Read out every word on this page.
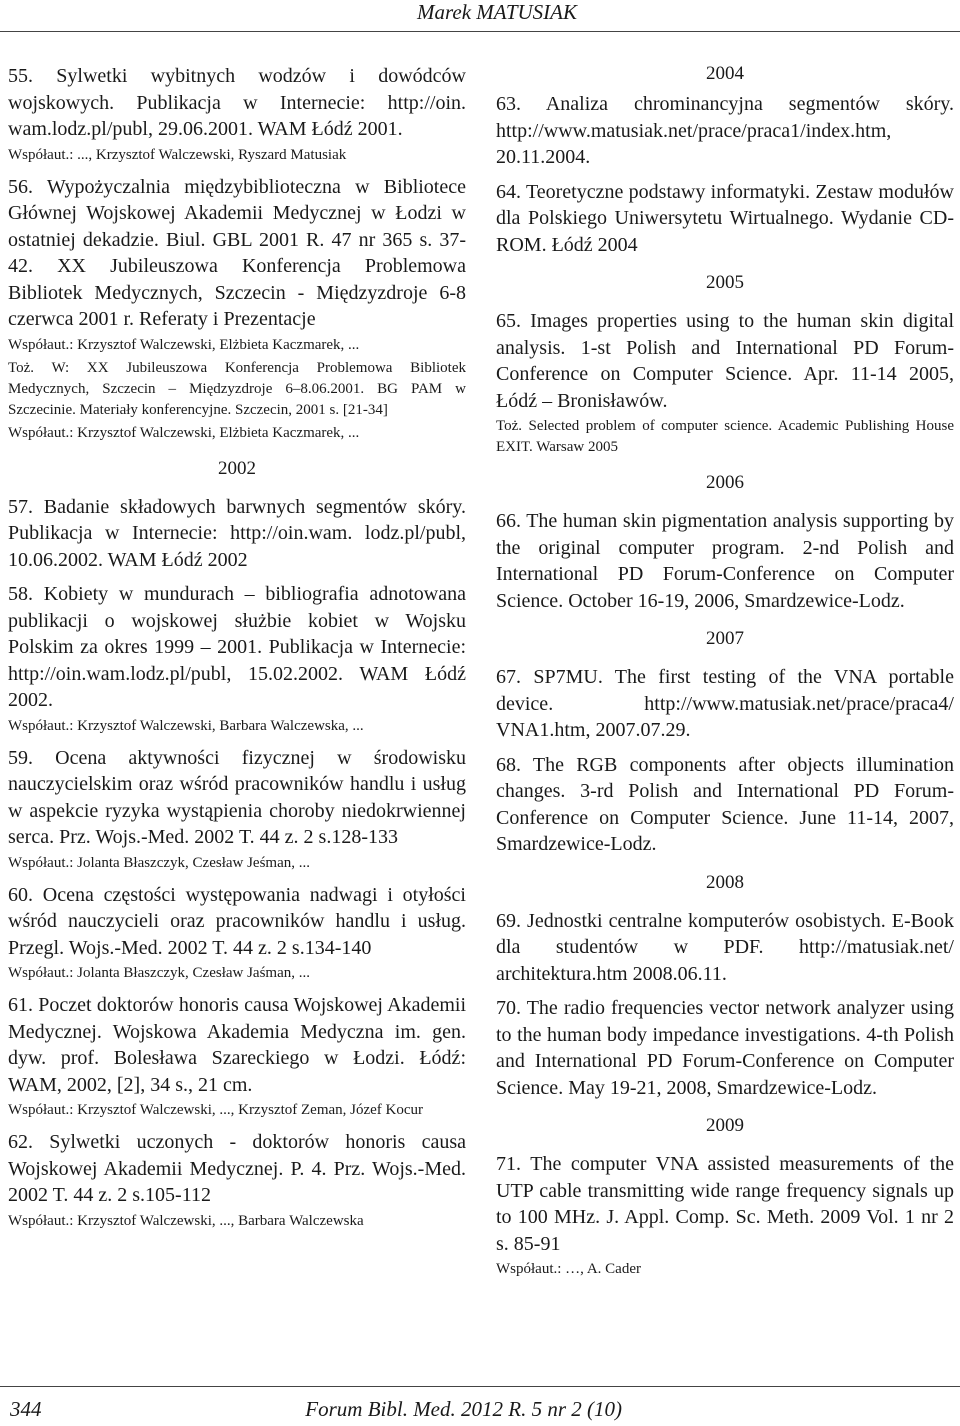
Marek MATUSIAK
55. Sylwetki wybitnych wodzów i dowódców wojskowych. Publikacja w Internecie: http://oin. wam.lodz.pl/publ, 29.06.2001. WAM Łódź 2001.
Współaut.: ..., Krzysztof Walczewski, Ryszard Matusiak
56. Wypożyczalnia międzybiblioteczna w Bibliotece Głównej Wojskowej Akademii Medycznej w Łodzi w ostatniej dekadzie. Biul. GBL 2001 R. 47 nr 365 s. 37-42. XX Jubileuszowa Konferencja Problemowa Bibliotek Medycznych, Szczecin - Międzyzdroje 6-8 czerwca 2001 r. Referaty i Prezentacje
Współaut.: Krzysztof Walczewski, Elżbieta Kaczmarek, ...
Toż. W: XX Jubileuszowa Konferencja Problemowa Bibliotek Medycznych, Szczecin – Międzyzdroje 6–8.06.2001. BG PAM w Szczecinie. Materiały konferencyjne. Szczecin, 2001 s. [21-34]
Współaut.: Krzysztof Walczewski, Elżbieta Kaczmarek, ...
2002
57. Badanie składowych barwnych segmentów skóry. Publikacja w Internecie: http://oin.wam. lodz.pl/publ, 10.06.2002. WAM Łódź 2002
58. Kobiety w mundurach – bibliografia adnotowana publikacji o wojskowej służbie kobiet w Wojsku Polskim za okres 1999 – 2001. Publikacja w Internecie: http://oin.wam.lodz.pl/publ, 15.02.2002. WAM Łódź 2002.
Współaut.: Krzysztof Walczewski, Barbara Walczewska, ...
59. Ocena aktywności fizycznej w środowisku nauczycielskim oraz wśród pracowników handlu i usług w aspekcie ryzyka wystąpienia choroby niedokrwiennej serca. Prz. Wojs.-Med. 2002 T. 44 z. 2 s.128-133
Współaut.: Jolanta Błaszczyk, Czesław Jeśman, ...
60. Ocena częstości występowania nadwagi i otyłości wśród nauczycieli oraz pracowników handlu i usług. Przegl. Wojs.-Med. 2002 T. 44 z. 2 s.134-140
Współaut.: Jolanta Błaszczyk, Czesław Jaśman, ...
61. Poczet doktorów honoris causa Wojskowej Akademii Medycznej. Wojskowa Akademia Medyczna im. gen. dyw. prof. Bolesława Szareckiego w Łodzi. Łódź: WAM, 2002, [2], 34 s., 21 cm.
Współaut.: Krzysztof Walczewski, ..., Krzysztof Zeman, Józef Kocur
62. Sylwetki uczonych - doktorów honoris causa Wojskowej Akademii Medycznej. P. 4. Prz. Wojs.-Med. 2002 T. 44 z. 2 s.105-112
Współaut.: Krzysztof Walczewski, ..., Barbara Walczewska
2004
63. Analiza chrominancyjna segmentów skóry. http://www.matusiak.net/prace/praca1/index.htm, 20.11.2004.
64. Teoretyczne podstawy informatyki. Zestaw modułów dla Polskiego Uniwersytetu Wirtualnego. Wydanie CD-ROM. Łódź 2004
2005
65. Images properties using to the human skin digital analysis. 1-st Polish and International PD Forum-Conference on Computer Science. Apr. 11-14 2005, Łódź – Bronisławów.
Toż. Selected problem of computer science. Academic Publishing House EXIT. Warsaw 2005
2006
66. The human skin pigmentation analysis supporting by the original computer program. 2-nd Polish and International PD Forum-Conference on Computer Science. October 16-19, 2006, Smardzewice-Lodz.
2007
67. SP7MU. The first testing of the VNA portable device. http://www.matusiak.net/prace/praca4/ VNA1.htm, 2007.07.29.
68. The RGB components after objects illumination changes. 3-rd Polish and International PD Forum-Conference on Computer Science. June 11-14, 2007, Smardzewice-Lodz.
2008
69. Jednostki centralne komputerów osobistych. E-Book dla studentów w PDF. http://matusiak.net/ architektura.htm 2008.06.11.
70. The radio frequencies vector network analyzer using to the human body impedance investigations. 4-th Polish and International PD Forum-Conference on Computer Science. May 19-21, 2008, Smardzewice-Lodz.
2009
71. The computer VNA assisted measurements of the UTP cable transmitting wide range frequency signals up to 100 MHz. J. Appl. Comp. Sc. Meth. 2009 Vol. 1 nr 2 s. 85-91
Współaut.: …, A. Cader
344	Forum Bibl. Med. 2012 R. 5 nr 2 (10)
